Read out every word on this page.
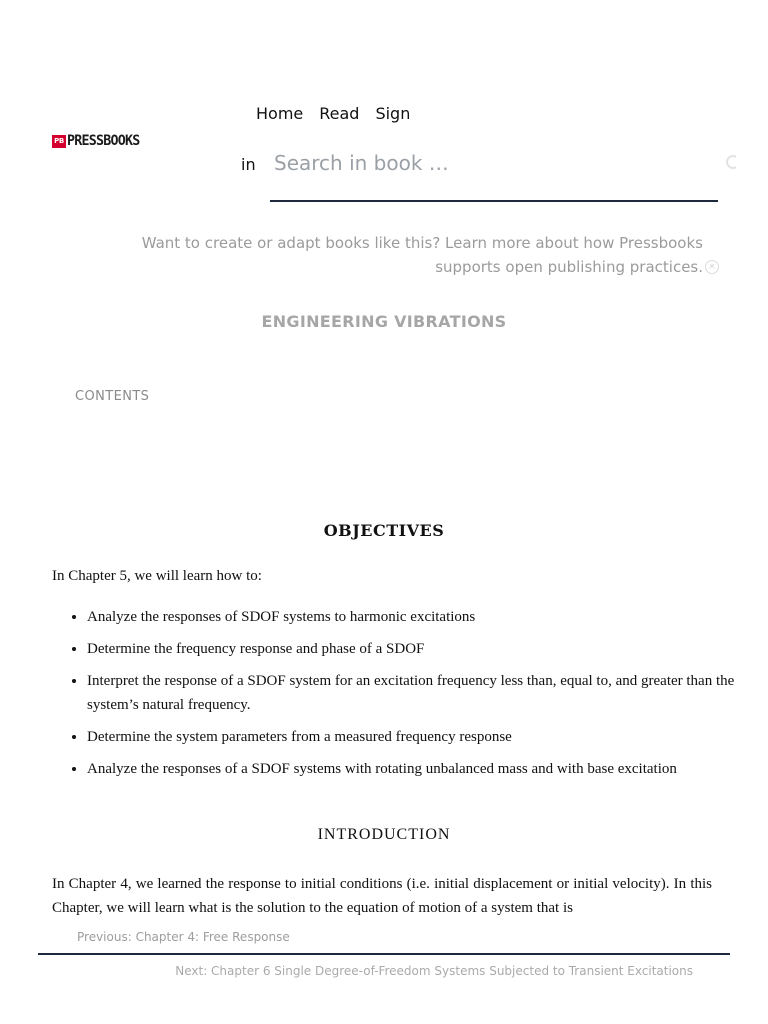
PB PRESSBOOKS
Home Read Sign
in
Search in book …
Want to create or adapt books like this? Learn more about how Pressbooks supports open publishing practices. ✕
ENGINEERING VIBRATIONS
CONTENTS
OBJECTIVES
In Chapter 5, we will learn how to:
• Analyze the responses of SDOF systems to harmonic excitations
• Determine the frequency response and phase of a SDOF
• Interpret the response of a SDOF system for an excitation frequency less than, equal to, and greater than the system’s natural frequency.
• Determine the system parameters from a measured frequency response
• Analyze the responses of a SDOF systems with rotating unbalanced mass and with base excitation
INTRODUCTION

In Chapter 4, we learned the response to initial conditions (i.e. initial displacement or initial velocity). In this Chapter, we will learn what is the solution to the equation of motion of a system that is

Previous: Chapter 4: Free Response
Next: Chapter 6 Single Degree-of-Freedom Systems Subjected to Transient Excitations
